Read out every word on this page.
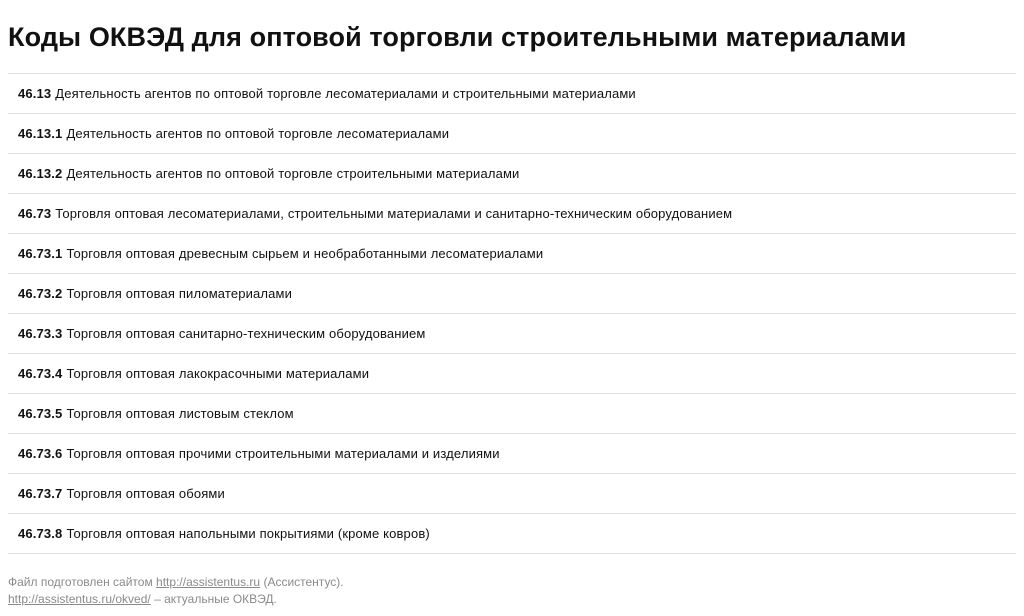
Коды ОКВЭД для оптовой торговли строительными материалами
46.13 Деятельность агентов по оптовой торговле лесоматериалами и строительными материалами
46.13.1 Деятельность агентов по оптовой торговле лесоматериалами
46.13.2 Деятельность агентов по оптовой торговле строительными материалами
46.73 Торговля оптовая лесоматериалами, строительными материалами и санитарно-техническим оборудованием
46.73.1 Торговля оптовая древесным сырьем и необработанными лесоматериалами
46.73.2 Торговля оптовая пиломатериалами
46.73.3 Торговля оптовая санитарно-техническим оборудованием
46.73.4 Торговля оптовая лакокрасочными материалами
46.73.5 Торговля оптовая листовым стеклом
46.73.6 Торговля оптовая прочими строительными материалами и изделиями
46.73.7 Торговля оптовая обоями
46.73.8 Торговля оптовая напольными покрытиями (кроме ковров)
Файл подготовлен сайтом http://assistentus.ru (Ассистентус).
http://assistentus.ru/okved/ – актуальные ОКВЭД.
